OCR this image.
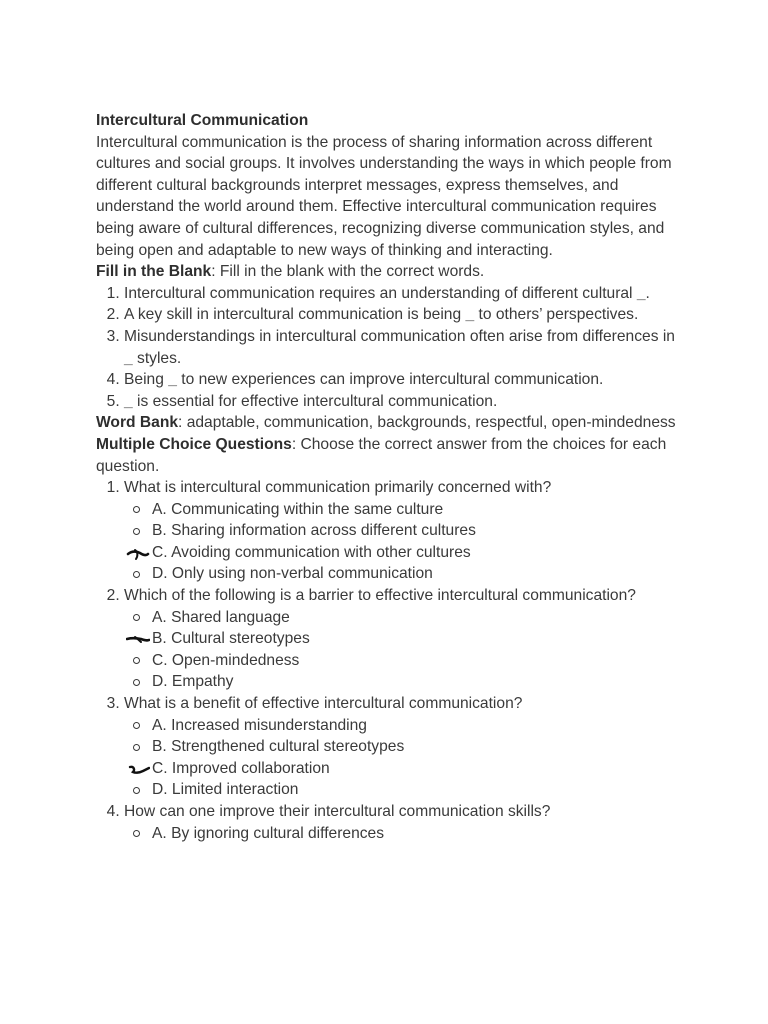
Intercultural Communication

Intercultural communication is the process of sharing information across different cultures and social groups. It involves understanding the ways in which people from different cultural backgrounds interpret messages, express themselves, and understand the world around them. Effective intercultural communication requires being aware of cultural differences, recognizing diverse communication styles, and being open and adaptable to new ways of thinking and interacting.

Fill in the Blank: Fill in the blank with the correct words.

1. Intercultural communication requires an understanding of different cultural _.
2. A key skill in intercultural communication is being _ to others’ perspectives.
3. Misunderstandings in intercultural communication often arise from differences in _ styles.
4. Being _ to new experiences can improve intercultural communication.
5. _ is essential for effective intercultural communication.

Word Bank: adaptable, communication, backgrounds, respectful, open-mindedness

Multiple Choice Questions: Choose the correct answer from the choices for each question.

1. What is intercultural communication primarily concerned with?
A. Communicating within the same culture
B. Sharing information across different cultures
C. Avoiding communication with other cultures
D. Only using non-verbal communication
2. Which of the following is a barrier to effective intercultural communication?
A. Shared language
B. Cultural stereotypes
C. Open-mindedness
D. Empathy
3. What is a benefit of effective intercultural communication?
A. Increased misunderstanding
B. Strengthened cultural stereotypes
C. Improved collaboration
D. Limited interaction
4. How can one improve their intercultural communication skills?
A. By ignoring cultural differences
